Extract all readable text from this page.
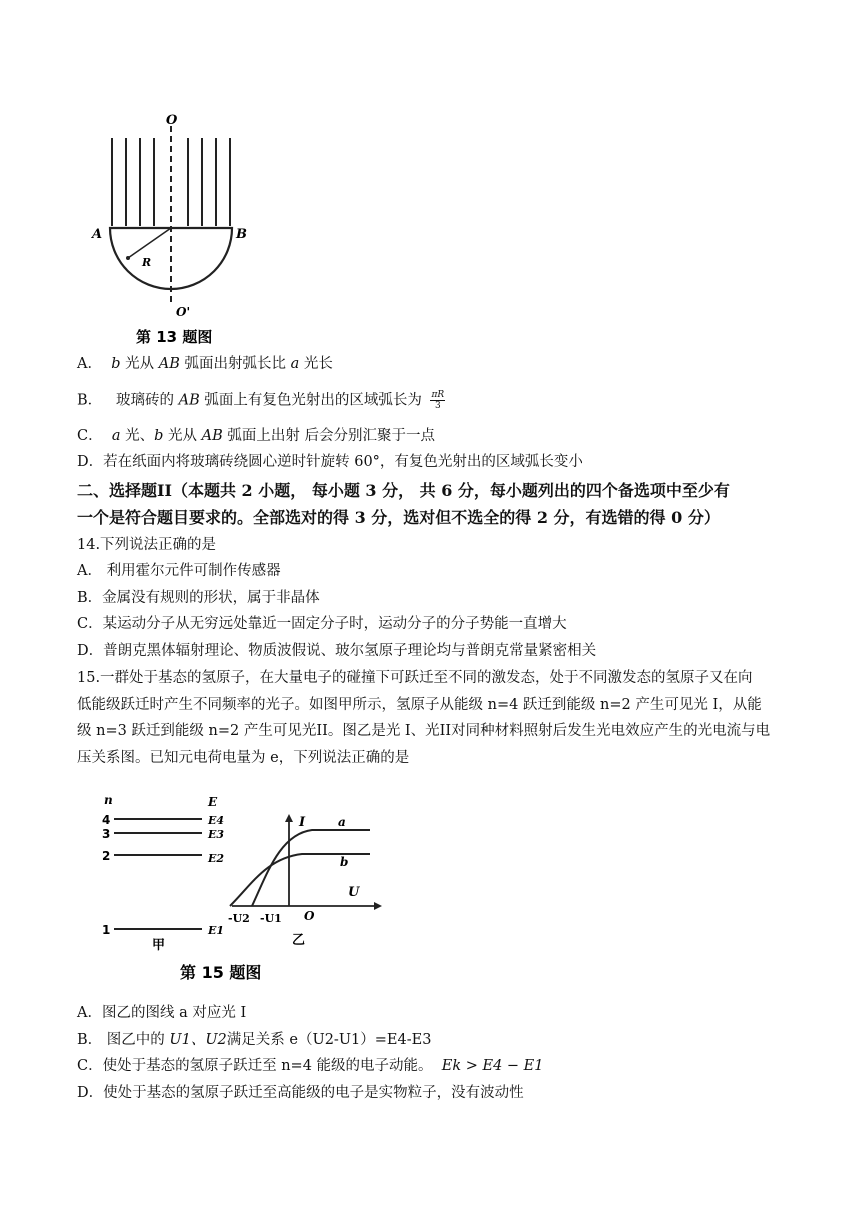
O
A	B
R
O'
第 13 题图
A． b 光从 AB 弧面出射弧长比 a 光长
B． 玻璃砖的 AB 弧面上有复色光射出的区域弧长为 $\frac{\pi R}{3}$
C． a 光、b 光从 AB 弧面上出射 后会分别汇聚于一点
D．若在纸面内将玻璃砖绕圆心逆时针旋转 60°，有复色光射出的区域弧长变小
二、选择题II（本题共 2 小题， 每小题 3 分， 共 6 分，每小题列出的四个备选项中至少有
一个是符合题目要求的。全部选对的得 3 分，选对但不选全的得 2 分，有选错的得 0 分）
14.下列说法正确的是
A． 利用霍尔元件可制作传感器
B．金属没有规则的形状，属于非晶体
C．某运动分子从无穷远处靠近一固定分子时，运动分子的分子势能一直增大
D．普朗克黑体辐射理论、物质波假说、玻尔氢原子理论均与普朗克常量紧密相关
15.一群处于基态的氢原子，在大量电子的碰撞下可跃迁至不同的激发态，处于不同激发态的氢原子又在向
低能级跃迁时产生不同频率的光子。如图甲所示，氢原子从能级 n=4 跃迁到能级 n=2 产生可见光 I，从能
级 n=3 跃迁到能级 n=2 产生可见光II。图乙是光 I、光II对同种材料照射后发生光电效应产生的光电流与电
压关系图。已知元电荷电量为 e，下列说法正确的是
n	E
4	E4
3	E3
2	E2
1	E1
甲
I	a
b
U
-U2 -U1 O
乙
第 15 题图
A．图乙的图线 a 对应光 I
B． 图乙中的 U1、U2满足关系 e（U2-U1）=E4-E3
C．使处于基态的氢原子跃迁至 n=4 能级的电子动能。 Ek > E4 − E1
D．使处于基态的氢原子跃迁至高能级的电子是实物粒子，没有波动性
